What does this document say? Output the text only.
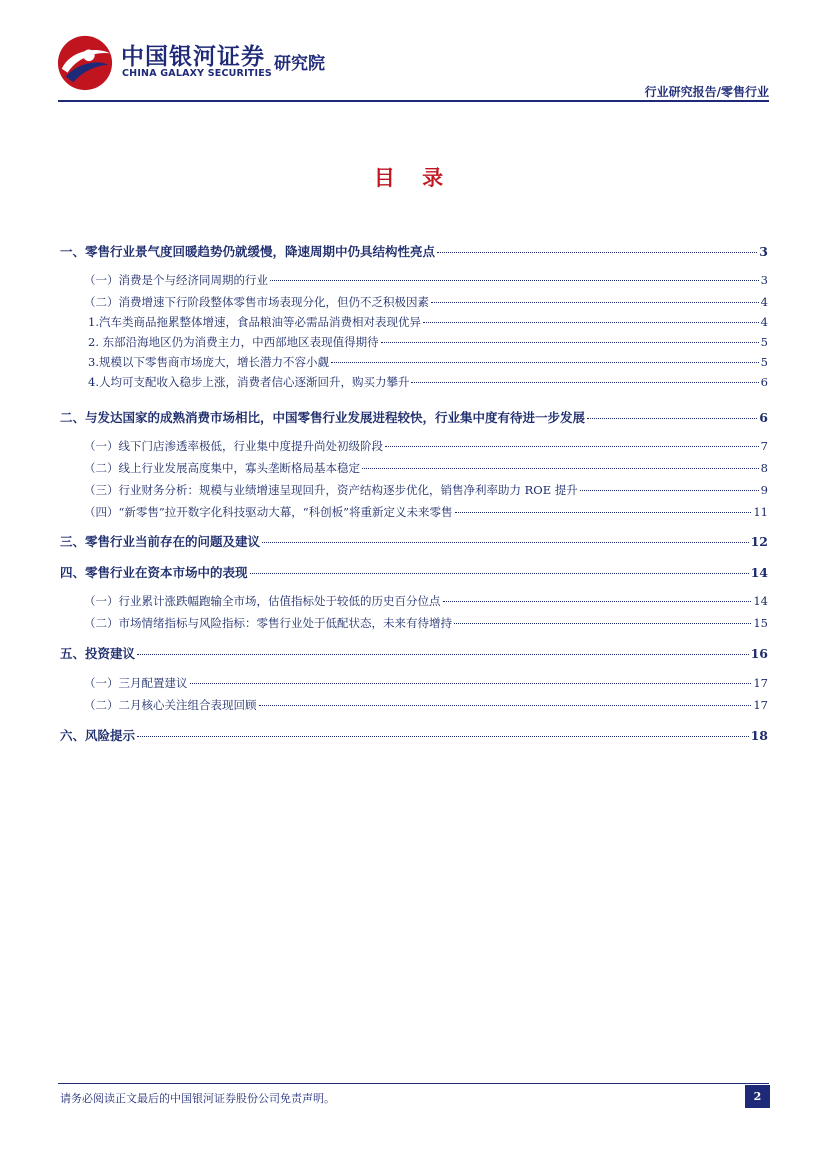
中国银河证券
CHINA GALAXY SECURITIES 研究院
行业研究报告/零售行业
目 录
一、零售行业景气度回暖趋势仍就缓慢，降速周期中仍具结构性亮点	3
（一）消费是个与经济同周期的行业	3
（二）消费增速下行阶段整体零售市场表现分化，但仍不乏积极因素	4
1.汽车类商品拖累整体增速，食品粮油等必需品消费相对表现优异	4
2. 东部沿海地区仍为消费主力，中西部地区表现值得期待	5
3.规模以下零售商市场庞大，增长潜力不容小觑	5
4.人均可支配收入稳步上涨，消费者信心逐渐回升，购买力攀升	6
二、与发达国家的成熟消费市场相比，中国零售行业发展进程较快，行业集中度有待进一步发展	6
（一）线下门店渗透率极低，行业集中度提升尚处初级阶段	7
（二）线上行业发展高度集中，寡头垄断格局基本稳定	8
（三）行业财务分析：规模与业绩增速呈现回升，资产结构逐步优化，销售净利率助力 ROE 提升	9
（四）“新零售”拉开数字化科技驱动大幕，“科创板”将重新定义未来零售	11
三、零售行业当前存在的问题及建议	12
四、零售行业在资本市场中的表现	14
（一）行业累计涨跌幅跑输全市场，估值指标处于较低的历史百分位点	14
（二）市场情绪指标与风险指标：零售行业处于低配状态，未来有待增持	15
五、投资建议	16
（一）三月配置建议	17
（二）二月核心关注组合表现回顾	17
六、风险提示	18
请务必阅读正文最后的中国银河证券股份公司免责声明。	2
